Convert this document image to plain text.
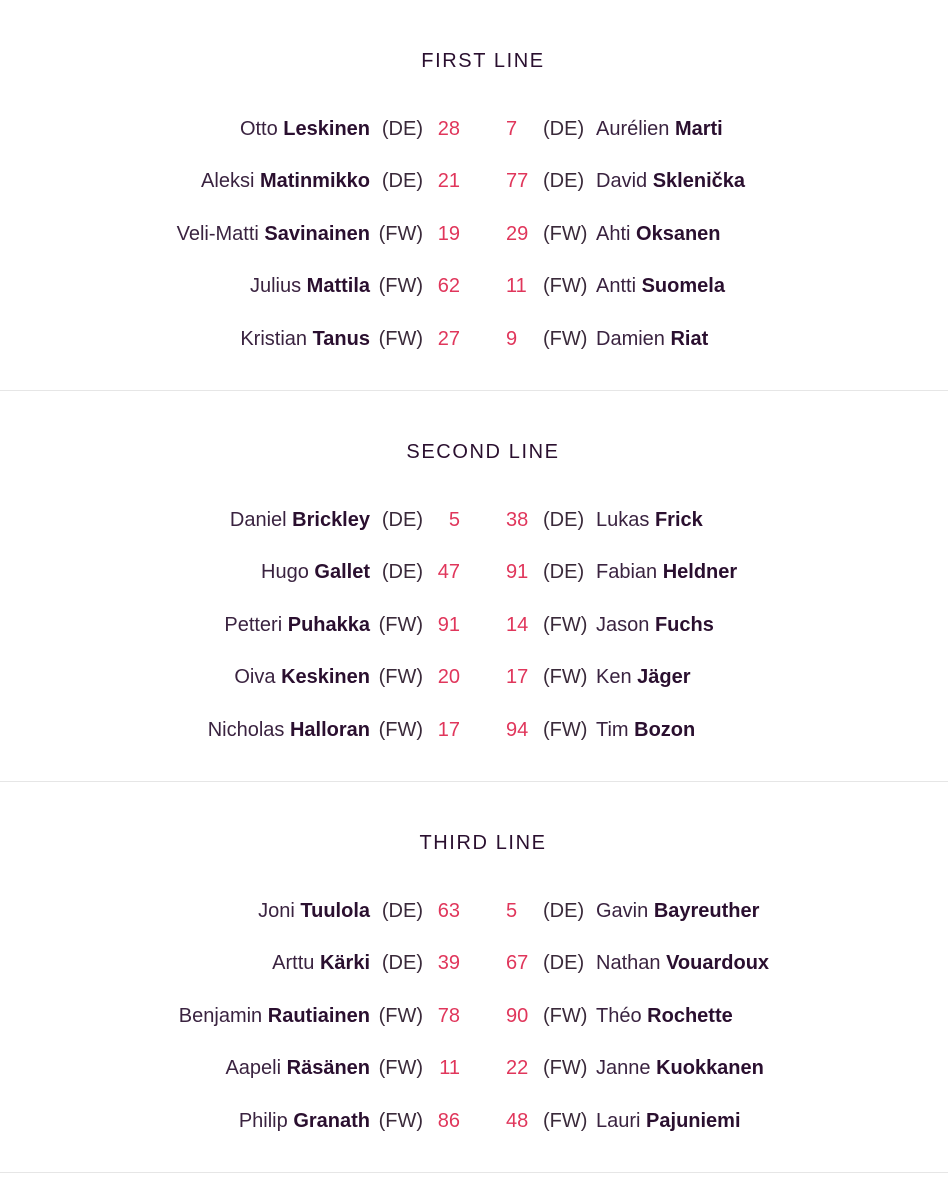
FIRST LINE
Otto Leskinen (DE) 28 7 (DE) Aurélien Marti
Aleksi Matinmikko (DE) 21 77 (DE) David Sklenička
Veli-Matti Savinainen (FW) 19 29 (FW) Ahti Oksanen
Julius Mattila (FW) 62 11 (FW) Antti Suomela
Kristian Tanus (FW) 27 9 (FW) Damien Riat
SECOND LINE
Daniel Brickley (DE) 5 38 (DE) Lukas Frick
Hugo Gallet (DE) 47 91 (DE) Fabian Heldner
Petteri Puhakka (FW) 91 14 (FW) Jason Fuchs
Oiva Keskinen (FW) 20 17 (FW) Ken Jäger
Nicholas Halloran (FW) 17 94 (FW) Tim Bozon
THIRD LINE
Joni Tuulola (DE) 63 5 (DE) Gavin Bayreuther
Arttu Kärki (DE) 39 67 (DE) Nathan Vouardoux
Benjamin Rautiainen (FW) 78 90 (FW) Théo Rochette
Aapeli Räsänen (FW) 11 22 (FW) Janne Kuokkanen
Philip Granath (FW) 86 48 (FW) Lauri Pajuniemi
